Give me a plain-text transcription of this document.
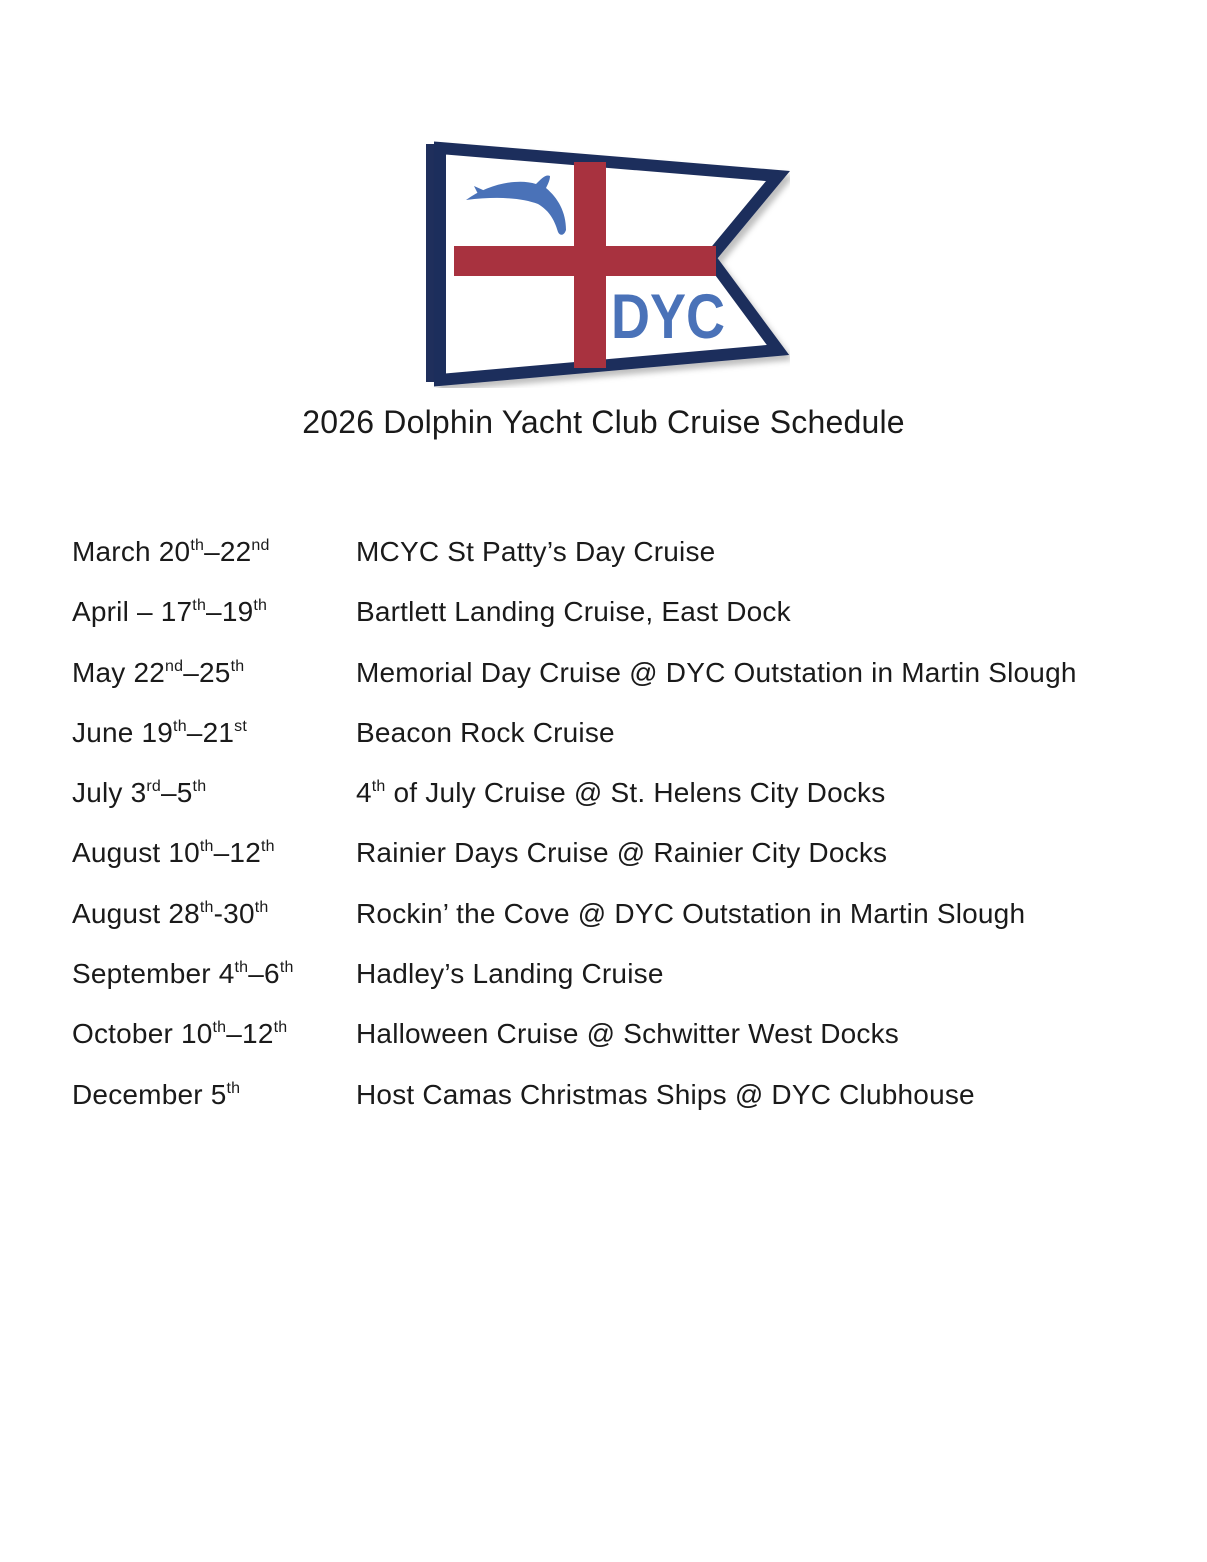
DYC
2026 Dolphin Yacht Club Cruise Schedule
March 20th–22nd	MCYC St Patty’s Day Cruise
April – 17th–19th	Bartlett Landing Cruise, East Dock
May 22nd–25th	Memorial Day Cruise @ DYC Outstation in Martin Slough
June 19th–21st	Beacon Rock Cruise
July 3rd–5th	4th of July Cruise @ St. Helens City Docks
August 10th–12th	Rainier Days Cruise @ Rainier City Docks
August 28th-30th	Rockin’ the Cove @ DYC Outstation in Martin Slough
September 4th–6th	Hadley’s Landing Cruise
October 10th–12th	Halloween Cruise @ Schwitter West Docks
December 5th	Host Camas Christmas Ships @ DYC Clubhouse
